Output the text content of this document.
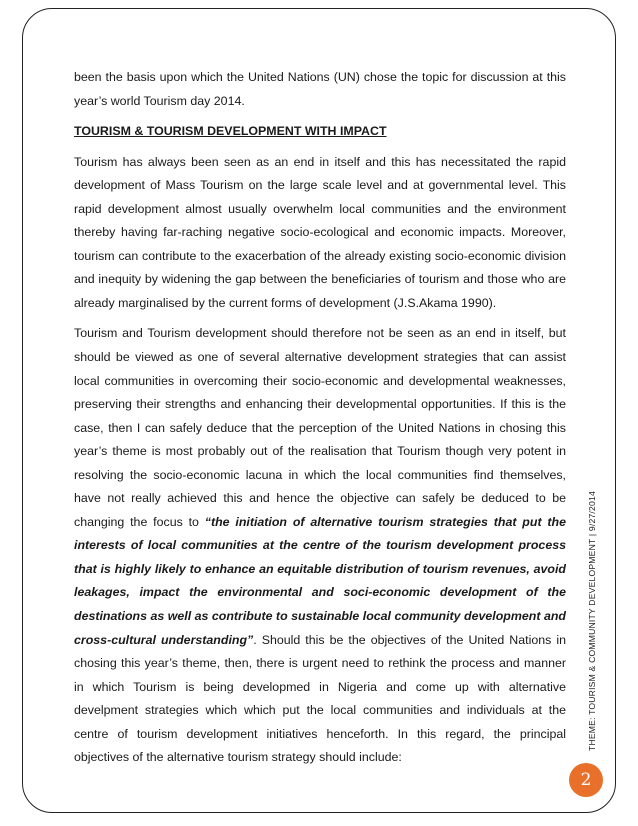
been the basis upon which the United Nations (UN) chose the topic for discussion at this year’s world Tourism day 2014.

TOURISM & TOURISM DEVELOPMENT WITH IMPACT

Tourism has always been seen as an end in itself and this has necessitated the rapid development of Mass Tourism on the large scale level and at governmental level. This rapid development almost usually overwhelm local communities and the environment thereby having far-raching negative socio-ecological and economic impacts. Moreover, tourism can contribute to the exacerbation of the already existing socio-economic division and inequity by widening the gap between the beneficiaries of tourism and those who are already marginalised by the current forms of development (J.S.Akama 1990).

Tourism and Tourism development should therefore not be seen as an end in itself, but should be viewed as one of several alternative development strategies that can assist local communities in overcoming their socio-economic and developmental weaknesses, preserving their strengths and enhancing their developmental opportunities. If this is the case, then I can safely deduce that the perception of the United Nations in chosing this year’s theme is most probably out of the realisation that Tourism though very potent in resolving the socio-economic lacuna in which the local communities find themselves, have not really achieved this and hence the objective can safely be deduced to be changing the focus to “the initiation of alternative tourism strategies that put the interests of local communities at the centre of the tourism development process that is highly likely to enhance an equitable distribution of tourism revenues, avoid leakages, impact the environmental and soci-economic development of the destinations as well as contribute to sustainable local community development and cross-cultural understanding”. Should this be the objectives of the United Nations in chosing this year’s theme, then, there is urgent need to rethink the process and manner in which Tourism is being developmed in Nigeria and come up with alternative develpment strategies which which put the local communities and individuals at the centre of tourism development initiatives henceforth. In this regard, the principal objectives of the alternative tourism strategy should include:

THEME: TOURISM & COMMUNITY DEVELOPMENT | 9/27/2014
2
